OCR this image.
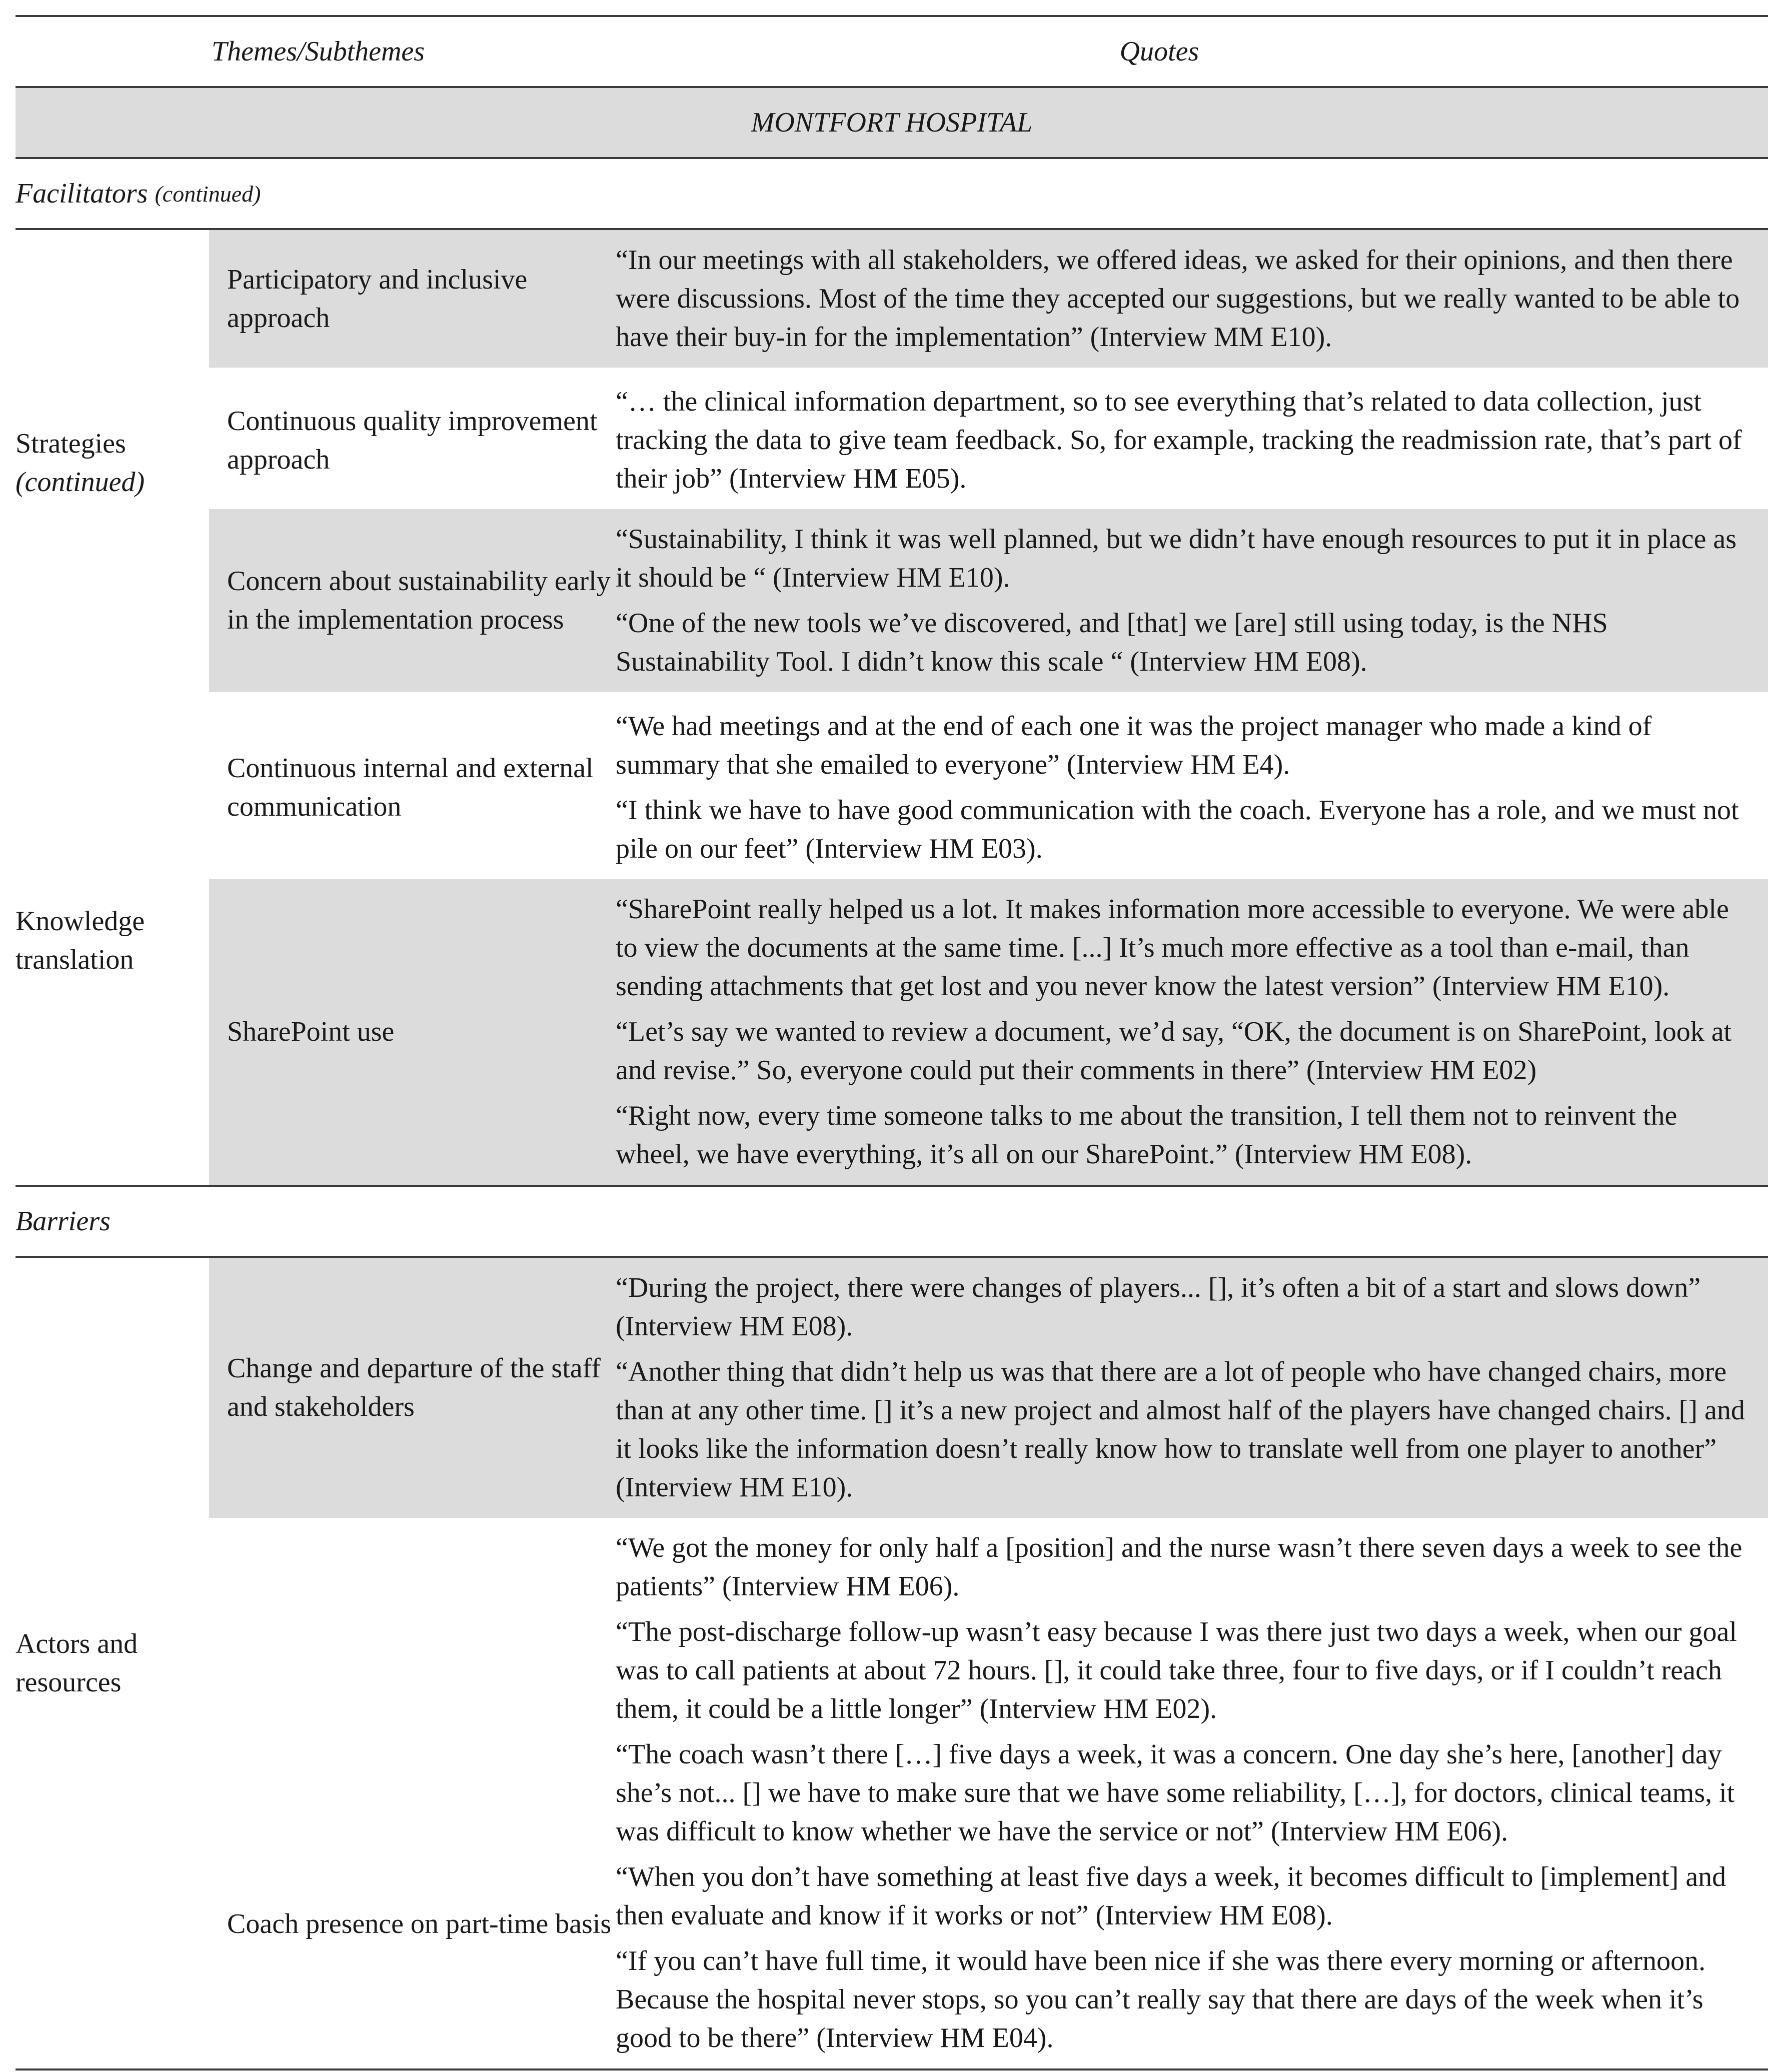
Themes/Subthemes	Quotes
MONTFORT HOSPITAL
Facilitators
(continued)
Strategies
(continued)
Participatory and inclusive approach

“In our meetings with all stakeholders, we offered ideas, we asked for their opinions, and then there were discussions. Most of the time they accepted our suggestions, but we really wanted to be able to have their buy-in for the implementation” (Interview MM E10).

Continuous quality improvement approach

“… the clinical information department, so to see everything that’s related to data collection, just tracking the data to give team feedback. So, for example, tracking the readmission rate, that’s part of their job” (Interview HM E05).

Concern about sustainability early in the implementation process

“Sustainability, I think it was well planned, but we didn’t have enough resources to put it in place as it should be “ (Interview HM E10).

“One of the new tools we’ve discovered, and [that] we [are] still using today, is the NHS Sustainability Tool. I didn’t know this scale “ (Interview HM E08).

Knowledge translation
Continuous internal and external communication

“We had meetings and at the end of each one it was the project manager who made a kind of summary that she emailed to everyone” (Interview HM E4).

“I think we have to have good communication with the coach. Everyone has a role, and we must not pile on our feet” (Interview HM E03).

SharePoint use

“SharePoint really helped us a lot. It makes information more accessible to everyone. We were able to view the documents at the same time. [...] It’s much more effective as a tool than e-mail, than sending attachments that get lost and you never know the latest version” (Interview HM E10).

“Let’s say we wanted to review a document, we’d say, “OK, the document is on SharePoint, look at and revise.” So, everyone could put their comments in there” (Interview HM E02)

“Right now, every time someone talks to me about the transition, I tell them not to reinvent the wheel, we have everything, it’s all on our SharePoint.” (Interview HM E08).

Barriers
Actors and resources
Change and departure of the staff and stakeholders

“During the project, there were changes of players... [], it’s often a bit of a start and slows down” (Interview HM E08).

“Another thing that didn’t help us was that there are a lot of people who have changed chairs, more than at any other time. [] it’s a new project and almost half of the players have changed chairs. [] and it looks like the information doesn’t really know how to translate well from one player to another” (Interview HM E10).

Coach presence on part-time basis

“We got the money for only half a [position] and the nurse wasn’t there seven days a week to see the patients” (Interview HM E06).

“The post-discharge follow-up wasn’t easy because I was there just two days a week, when our goal was to call patients at about 72 hours. [], it could take three, four to five days, or if I couldn’t reach them, it could be a little longer” (Interview HM E02).

“The coach wasn’t there […] five days a week, it was a concern. One day she’s here, [another] day she’s not... [] we have to make sure that we have some reliability, […], for doctors, clinical teams, it was difficult to know whether we have the service or not” (Interview HM E06).

“When you don’t have something at least five days a week, it becomes difficult to [implement] and then evaluate and know if it works or not” (Interview HM E08).

“If you can’t have full time, it would have been nice if she was there every morning or afternoon. Because the hospital never stops, so you can’t really say that there are days of the week when it’s good to be there” (Interview HM E04).
